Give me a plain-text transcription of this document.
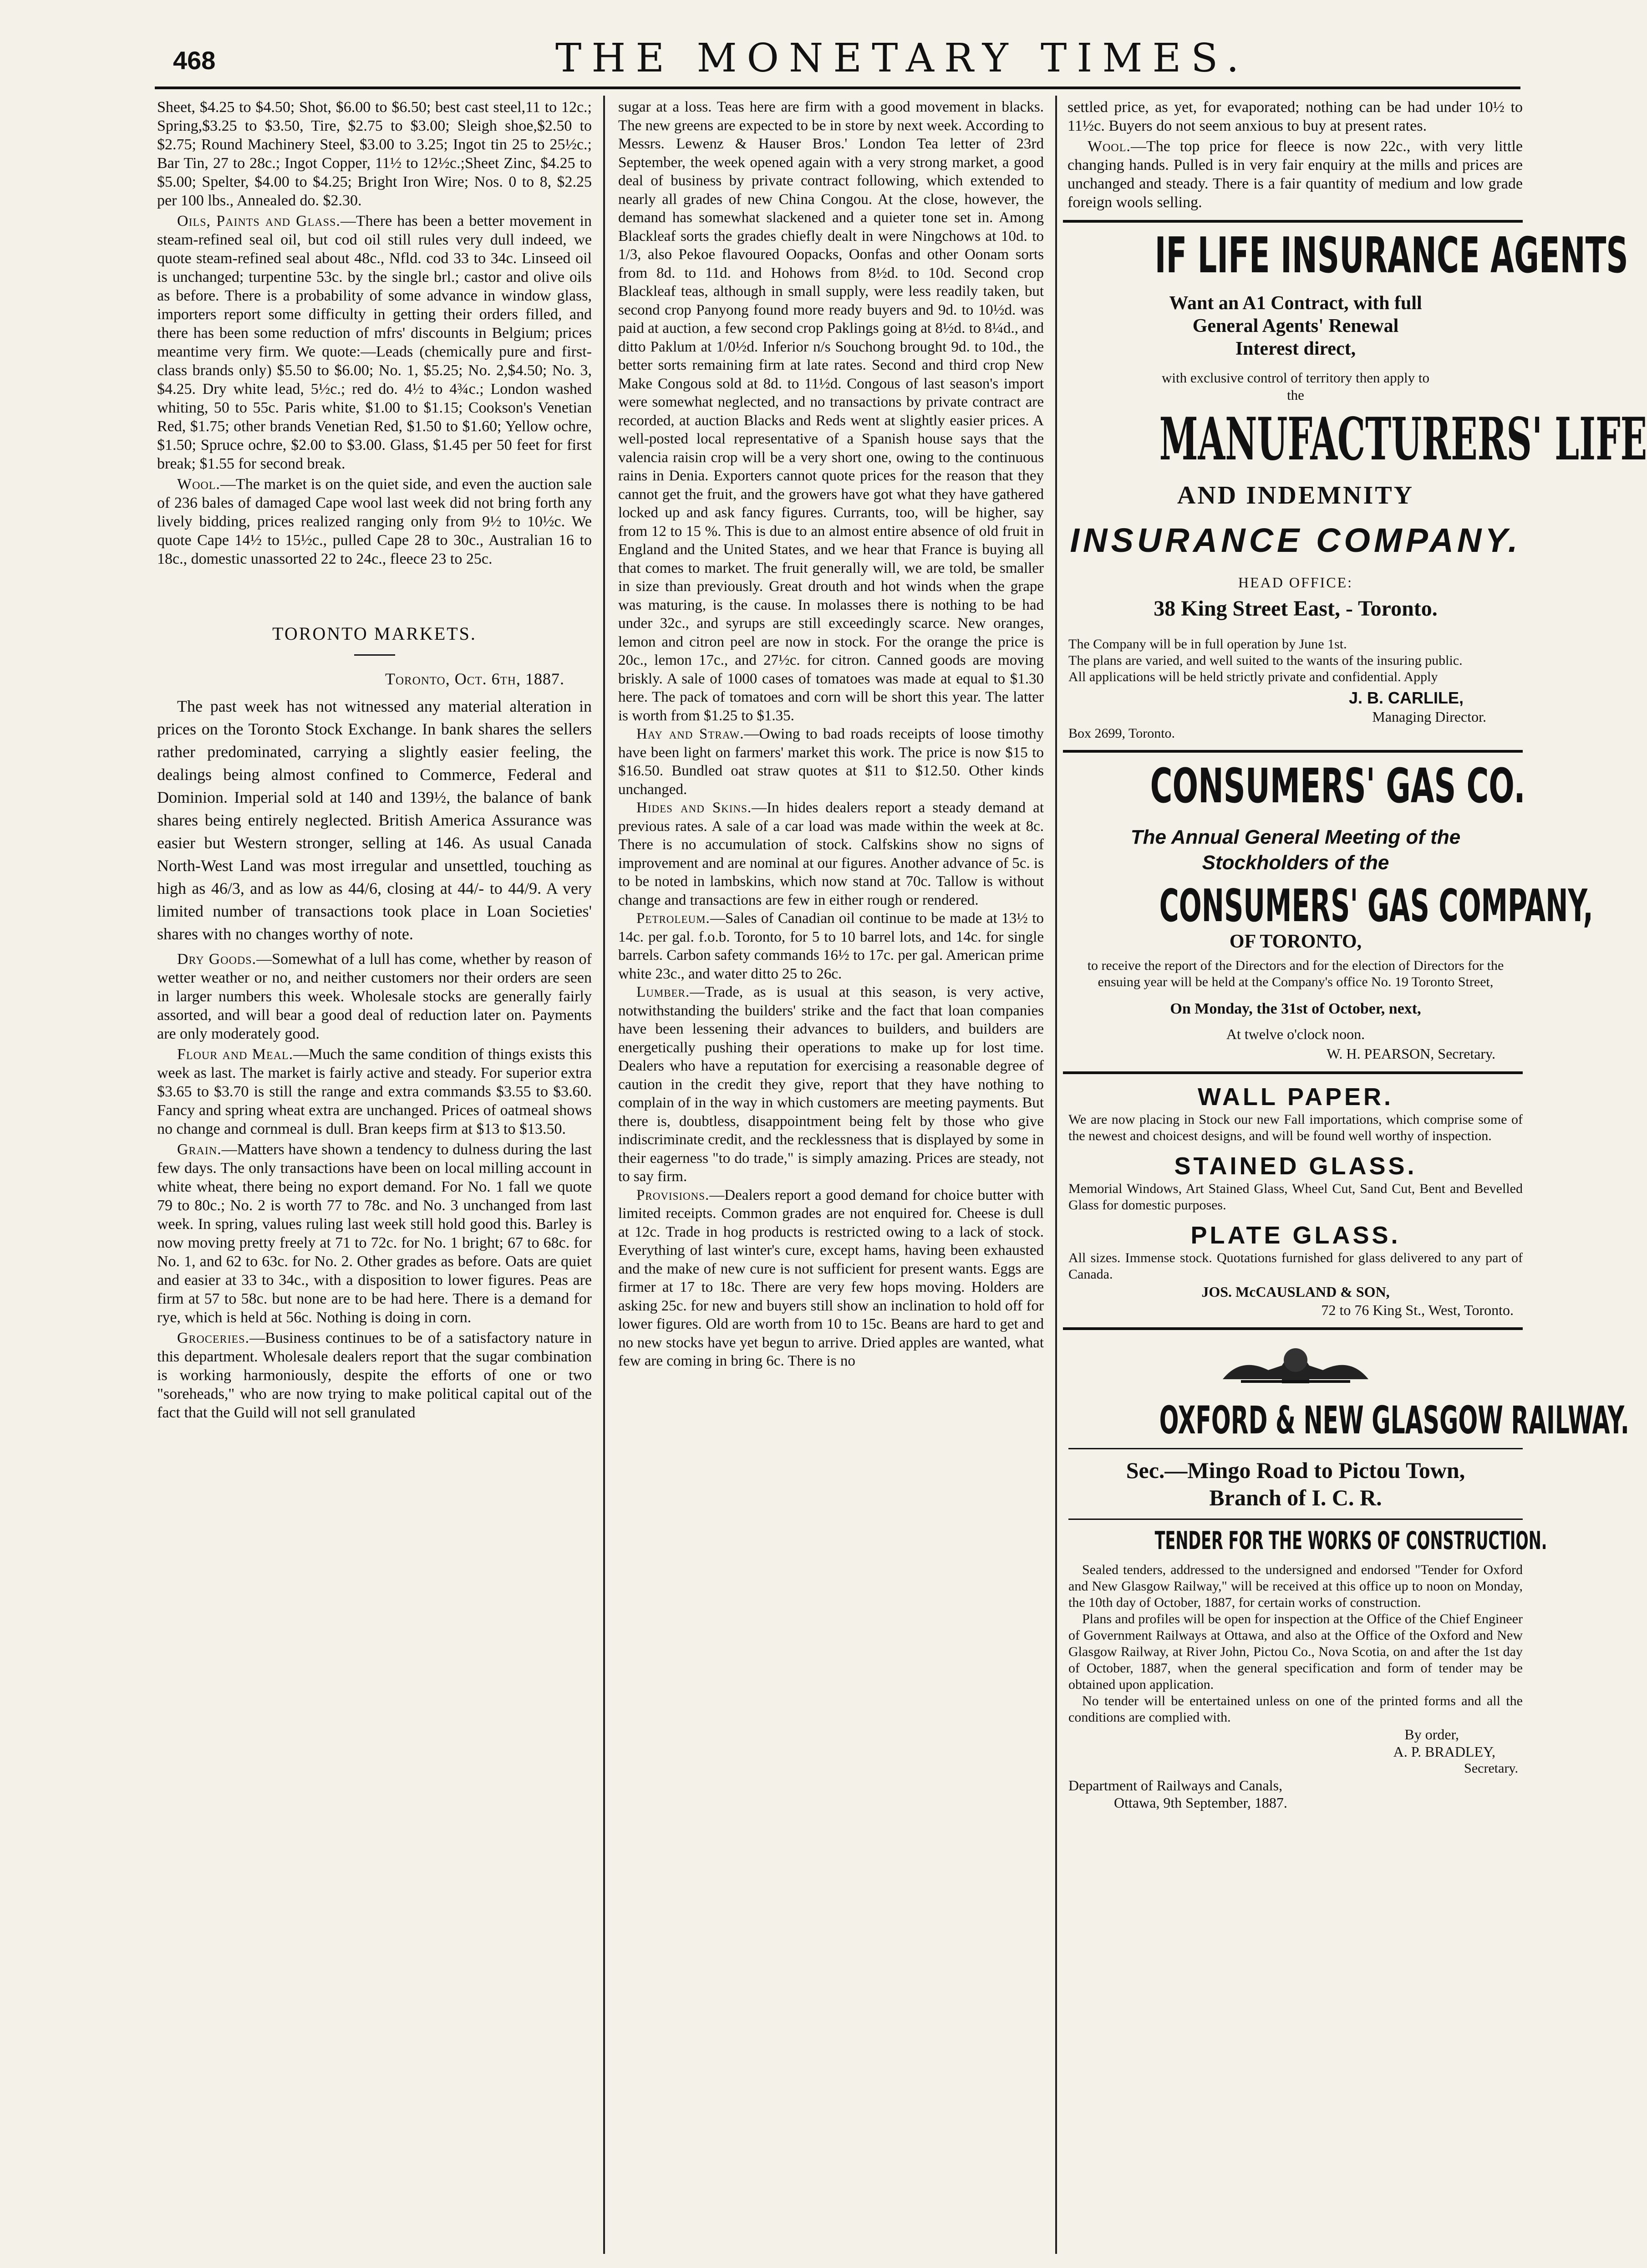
468	THE MONETARY TIMES.

Sheet, $4.25 to $4.50; Shot, $6.00 to $6.50; best cast steel,11 to 12c.; Spring,$3.25 to $3.50, Tire, $2.75 to $3.00; Sleigh shoe,$2.50 to $2.75; Round Machinery Steel, $3.00 to 3.25; Ingot tin 25 to 25½c.; Bar Tin, 27 to 28c.; Ingot Copper, 11½ to 12½c.;Sheet Zinc, $4.25 to $5.00; Spelter, $4.00 to $4.25; Bright Iron Wire; Nos. 0 to 8, $2.25 per 100 lbs., Annealed do. $2.30.

Oils, Paints and Glass.—There has been a better movement in steam-refined seal oil, but cod oil still rules very dull indeed, we quote steam-refined seal about 48c., Nfld. cod 33 to 34c. Linseed oil is unchanged; turpentine 53c. by the single brl.; castor and olive oils as before. There is a probability of some advance in window glass, importers report some difficulty in getting their orders filled, and there has been some reduction of mfrs' discounts in Belgium; prices meantime very firm. We quote:—Leads (chemically pure and first-class brands only) $5.50 to $6.00; No. 1, $5.25; No. 2,$4.50; No. 3, $4.25. Dry white lead, 5½c.; red do. 4½ to 4¾c.; London washed whiting, 50 to 55c. Paris white, $1.00 to $1.15; Cookson's Venetian Red, $1.75; other brands Venetian Red, $1.50 to $1.60; Yellow ochre, $1.50; Spruce ochre, $2.00 to $3.00. Glass, $1.45 per 50 feet for first break; $1.55 for second break.

Wool.—The market is on the quiet side, and even the auction sale of 236 bales of damaged Cape wool last week did not bring forth any lively bidding, prices realized ranging only from 9½ to 10½c. We quote Cape 14½ to 15½c., pulled Cape 28 to 30c., Australian 16 to 18c., domestic unassorted 22 to 24c., fleece 23 to 25c.

TORONTO MARKETS.
Toronto, Oct. 6th, 1887.

The past week has not witnessed any material alteration in prices on the Toronto Stock Exchange. In bank shares the sellers rather predominated, carrying a slightly easier feeling, the dealings being almost confined to Commerce, Federal and Dominion. Imperial sold at 140 and 139½, the balance of bank shares being entirely neglected. British America Assurance was easier but Western stronger, selling at 146. As usual Canada North-West Land was most irregular and unsettled, touching as high as 46/3, and as low as 44/6, closing at 44/- to 44/9. A very limited number of transactions took place in Loan Societies' shares with no changes worthy of note.

Dry Goods.—Somewhat of a lull has come, whether by reason of wetter weather or no, and neither customers nor their orders are seen in larger numbers this week. Wholesale stocks are generally fairly assorted, and will bear a good deal of reduction later on. Payments are only moderately good.

Flour and Meal.—Much the same condition of things exists this week as last. The market is fairly active and steady. For superior extra $3.65 to $3.70 is still the range and extra commands $3.55 to $3.60. Fancy and spring wheat extra are unchanged. Prices of oatmeal shows no change and cornmeal is dull. Bran keeps firm at $13 to $13.50.

Grain.—Matters have shown a tendency to dulness during the last few days. The only transactions have been on local milling account in white wheat, there being no export demand. For No. 1 fall we quote 79 to 80c.; No. 2 is worth 77 to 78c. and No. 3 unchanged from last week. In spring, values ruling last week still hold good this. Barley is now moving pretty freely at 71 to 72c. for No. 1 bright; 67 to 68c. for No. 1, and 62 to 63c. for No. 2. Other grades as before. Oats are quiet and easier at 33 to 34c., with a disposition to lower figures. Peas are firm at 57 to 58c. but none are to be had here. There is a demand for rye, which is held at 56c. Nothing is doing in corn.

Groceries.—Business continues to be of a satisfactory nature in this department. Wholesale dealers report that the sugar combination is working harmoniously, despite the efforts of one or two "soreheads," who are now trying to make political capital out of the fact that the Guild will not sell granulated

sugar at a loss. Teas here are firm with a good movement in blacks. The new greens are expected to be in store by next week. According to Messrs. Lewenz & Hauser Bros.' London Tea letter of 23rd September, the week opened again with a very strong market, a good deal of business by private contract following, which extended to nearly all grades of new China Congou. At the close, however, the demand has somewhat slackened and a quieter tone set in. Among Blackleaf sorts the grades chiefly dealt in were Ningchows at 10d. to 1/3, also Pekoe flavoured Oopacks, Oonfas and other Oonam sorts from 8d. to 11d. and Hohows from 8½d. to 10d. Second crop Blackleaf teas, although in small supply, were less readily taken, but second crop Panyong found more ready buyers and 9d. to 10½d. was paid at auction, a few second crop Paklings going at 8½d. to 8¼d., and ditto Paklum at 1/0½d. Inferior n/s Souchong brought 9d. to 10d., the better sorts remaining firm at late rates. Second and third crop New Make Congous sold at 8d. to 11½d. Congous of last season's import were somewhat neglected, and no transactions by private contract are recorded, at auction Blacks and Reds went at slightly easier prices. A well-posted local representative of a Spanish house says that the valencia raisin crop will be a very short one, owing to the continuous rains in Denia. Exporters cannot quote prices for the reason that they cannot get the fruit, and the growers have got what they have gathered locked up and ask fancy figures. Currants, too, will be higher, say from 12 to 15 %. This is due to an almost entire absence of old fruit in England and the United States, and we hear that France is buying all that comes to market. The fruit generally will, we are told, be smaller in size than previously. Great drouth and hot winds when the grape was maturing, is the cause. In molasses there is nothing to be had under 32c., and syrups are still exceedingly scarce. New oranges, lemon and citron peel are now in stock. For the orange the price is 20c., lemon 17c., and 27½c. for citron. Canned goods are moving briskly. A sale of 1000 cases of tomatoes was made at equal to $1.30 here. The pack of tomatoes and corn will be short this year. The latter is worth from $1.25 to $1.35.

Hay and Straw.—Owing to bad roads receipts of loose timothy have been light on farmers' market this work. The price is now $15 to $16.50. Bundled oat straw quotes at $11 to $12.50. Other kinds unchanged.

Hides and Skins.—In hides dealers report a steady demand at previous rates. A sale of a car load was made within the week at 8c. There is no accumulation of stock. Calfskins show no signs of improvement and are nominal at our figures. Another advance of 5c. is to be noted in lambskins, which now stand at 70c. Tallow is without change and transactions are few in either rough or rendered.

Petroleum.—Sales of Canadian oil continue to be made at 13½ to 14c. per gal. f.o.b. Toronto, for 5 to 10 barrel lots, and 14c. for single barrels. Carbon safety commands 16½ to 17c. per gal. American prime white 23c., and water ditto 25 to 26c.

Lumber.—Trade, as is usual at this season, is very active, notwithstanding the builders' strike and the fact that loan companies have been lessening their advances to builders, and builders are energetically pushing their operations to make up for lost time. Dealers who have a reputation for exercising a reasonable degree of caution in the credit they give, report that they have nothing to complain of in the way in which customers are meeting payments. But there is, doubtless, disappointment being felt by those who give indiscriminate credit, and the recklessness that is displayed by some in their eagerness "to do trade," is simply amazing. Prices are steady, not to say firm.

Provisions.—Dealers report a good demand for choice butter with limited receipts. Common grades are not enquired for. Cheese is dull at 12c. Trade in hog products is restricted owing to a lack of stock. Everything of last winter's cure, except hams, having been exhausted and the make of new cure is not sufficient for present wants. Eggs are firmer at 17 to 18c. There are very few hops moving. Holders are asking 25c. for new and buyers still show an inclination to hold off for lower figures. Old are worth from 10 to 15c. Beans are hard to get and no new stocks have yet begun to arrive. Dried apples are wanted, what few are coming in bring 6c. There is no

settled price, as yet, for evaporated; nothing can be had under 10½ to 11½c. Buyers do not seem anxious to buy at present rates.

Wool.—The top price for fleece is now 22c., with very little changing hands. Pulled is in very fair enquiry at the mills and prices are unchanged and steady. There is a fair quantity of medium and low grade foreign wools selling.

IF LIFE INSURANCE AGENTS
Want an A1 Contract, with full
General Agents' Renewal
Interest direct,
with exclusive control of territory then apply to
the
MANUFACTURERS' LIFE
AND INDEMNITY
INSURANCE COMPANY.
HEAD OFFICE:
38 King Street East, - Toronto.
The Company will be in full operation by June 1st.
The plans are varied, and well suited to the wants of the insuring public.
All applications will be held strictly private and confidential. Apply
J. B. CARLILE,
Managing Director.
Box 2699, Toronto.
CONSUMERS' GAS CO.
The Annual General Meeting of the Stockholders of the
CONSUMERS' GAS COMPANY,
OF TORONTO,
to receive the report of the Directors and for the election of Directors for the ensuing year will be held at the Company's office No. 19 Toronto Street,
On Monday, the 31st of October, next,
At twelve o'clock noon.
W. H. PEARSON, Secretary.
WALL PAPER.
We are now placing in Stock our new Fall importations, which comprise some of the newest and choicest designs, and will be found well worthy of inspection.
STAINED GLASS.
Memorial Windows, Art Stained Glass, Wheel Cut, Sand Cut, Bent and Bevelled Glass for domestic purposes.
PLATE GLASS.
All sizes. Immense stock. Quotations furnished for glass delivered to any part of Canada.
JOS. McCAUSLAND & SON,
72 to 76 King St., West, Toronto.
OXFORD & NEW GLASGOW RAILWAY.
Sec.—Mingo Road to Pictou Town,
Branch of I. C. R.
TENDER FOR THE WORKS OF CONSTRUCTION.
Sealed tenders, addressed to the undersigned and endorsed "Tender for Oxford and New Glasgow Railway," will be received at this office up to noon on Monday, the 10th day of October, 1887, for certain works of construction.
Plans and profiles will be open for inspection at the Office of the Chief Engineer of Government Railways at Ottawa, and also at the Office of the Oxford and New Glasgow Railway, at River John, Pictou Co., Nova Scotia, on and after the 1st day of October, 1887, when the general specification and form of tender may be obtained upon application.
No tender will be entertained unless on one of the printed forms and all the conditions are complied with.
By order,
A. P. BRADLEY,
Secretary.
Department of Railways and Canals,
Ottawa, 9th September, 1887.
